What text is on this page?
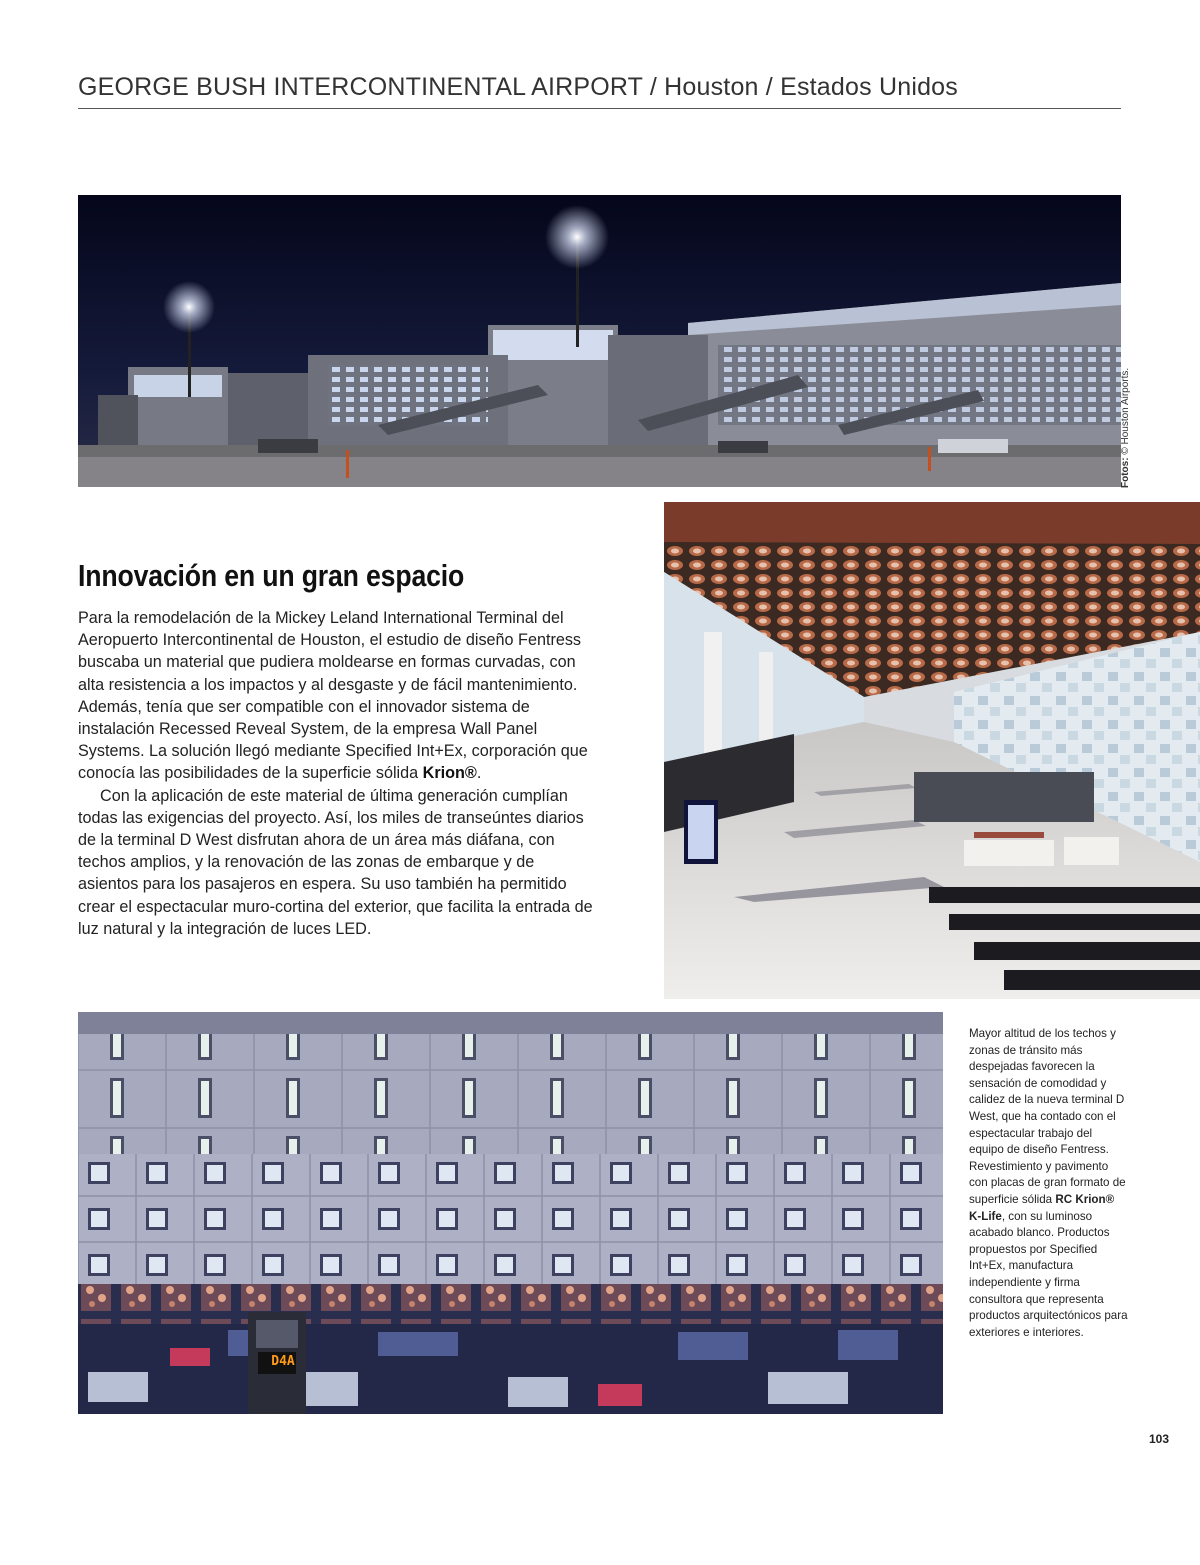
GEORGE BUSH INTERCONTINENTAL AIRPORT / Houston / Estados Unidos
Fotos: © Houston Airports.
Innovación en un gran espacio

Para la remodelación de la Mickey Leland International Terminal del Aeropuerto Intercontinental de Houston, el estudio de diseño Fentress buscaba un material que pudiera moldearse en formas curvadas, con alta resistencia a los impactos y al desgaste y de fácil mantenimiento. Además, tenía que ser compatible con el innovador sistema de instalación Recessed Reveal System, de la empresa Wall Panel Systems. La solución llegó mediante Specified Int+Ex, corporación que conocía las posibilidades de la superficie sólida Krion®.

Con la aplicación de este material de última generación cumplían todas las exigencias del proyecto. Así, los miles de transeúntes diarios de la terminal D West disfrutan ahora de un área más diáfana, con techos amplios, y la renovación de las zonas de embarque y de asientos para los pasajeros en espera. Su uso también ha permitido crear el espectacular muro-cortina del exterior, que facilita la entrada de luz natural y la integración de luces LED.

D4A
Mayor altitud de los techos y zonas de tránsito más despejadas favorecen la sensación de comodidad y calidez de la nueva terminal D West, que ha contado con el espectacular trabajo del equipo de diseño Fentress. Revestimiento y pavimento con placas de gran formato de superficie sólida RC Krion® K-Life, con su luminoso acabado blanco. Productos propuestos por Specified Int+Ex, manufactura independiente y firma consultora que representa productos arquitectónicos para exteriores e interiores.
103
